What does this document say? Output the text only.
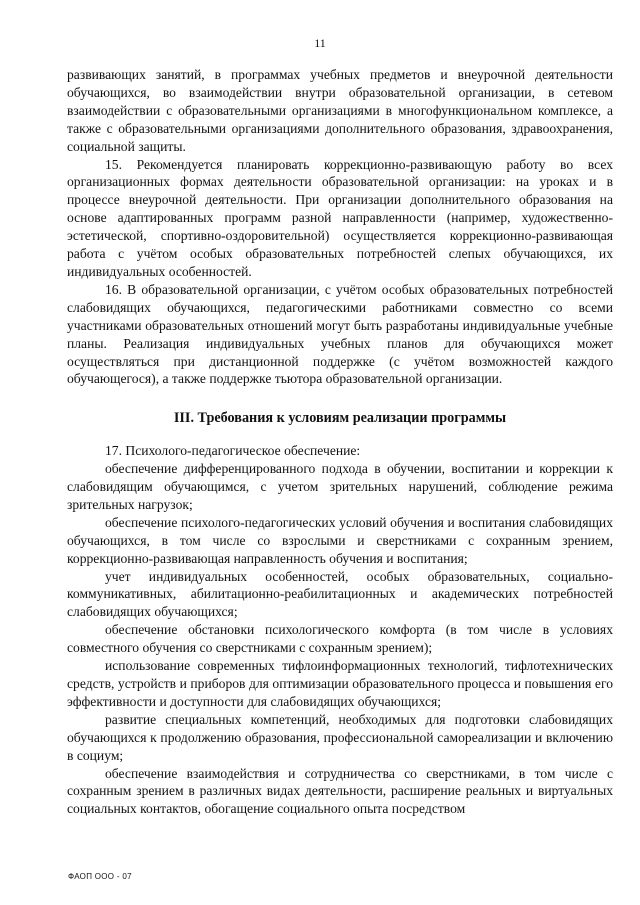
11

развивающих занятий, в программах учебных предметов и внеурочной деятельности обучающихся, во взаимодействии внутри образовательной организации, в сетевом взаимодействии с образовательными организациями в многофункциональном комплексе, а также с образовательными организациями дополнительного образования, здравоохранения, социальной защиты.

15. Рекомендуется планировать коррекционно-развивающую работу во всех организационных формах деятельности образовательной организации: на уроках и в процессе внеурочной деятельности. При организации дополнительного образования на основе адаптированных программ разной направленности (например, художественно-эстетической, спортивно-оздоровительной) осуществляется коррекционно-развивающая работа с учётом особых образовательных потребностей слепых обучающихся, их индивидуальных особенностей.

16. В образовательной организации, с учётом особых образовательных потребностей слабовидящих обучающихся, педагогическими работниками совместно со всеми участниками образовательных отношений могут быть разработаны индивидуальные учебные планы. Реализация индивидуальных учебных планов для обучающихся может осуществляться при дистанционной поддержке (с учётом возможностей каждого обучающегося), а также поддержке тьютора образовательной организации.

III. Требования к условиям реализации программы

17. Психолого-педагогическое обеспечение:

обеспечение дифференцированного подхода в обучении, воспитании и коррекции к слабовидящим обучающимся, с учетом зрительных нарушений, соблюдение режима зрительных нагрузок;

обеспечение психолого-педагогических условий обучения и воспитания слабовидящих обучающихся, в том числе со взрослыми и сверстниками с сохранным зрением, коррекционно-развивающая направленность обучения и воспитания;

учет индивидуальных особенностей, особых образовательных, социально-коммуникативных, абилитационно-реабилитационных и академических потребностей слабовидящих обучающихся;

обеспечение обстановки психологического комфорта (в том числе в условиях совместного обучения со сверстниками с сохранным зрением);

использование современных тифлоинформационных технологий, тифлотехнических средств, устройств и приборов для оптимизации образовательного процесса и повышения его эффективности и доступности для слабовидящих обучающихся;

развитие специальных компетенций, необходимых для подготовки слабовидящих обучающихся к продолжению образования, профессиональной самореализации и включению в социум;

обеспечение взаимодействия и сотрудничества со сверстниками, в том числе с сохранным зрением в различных видах деятельности, расширение реальных и виртуальных социальных контактов, обогащение социального опыта посредством

ФАОП ООО - 07
